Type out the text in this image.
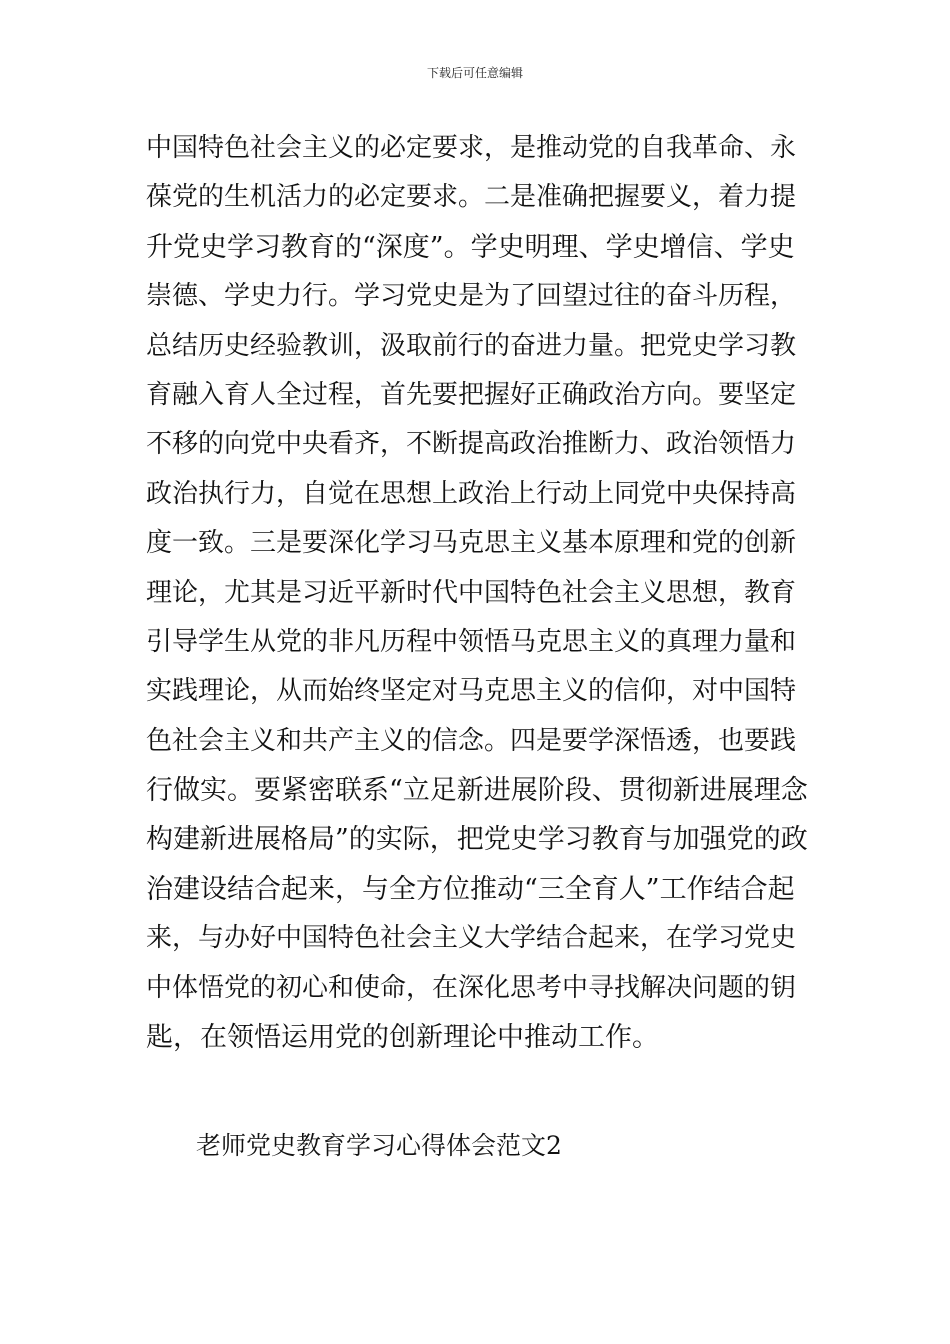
下载后可任意编辑
中国特色社会主义的必定要求，是推动党的自我革命、永
葆党的生机活力的必定要求。二是准确把握要义，着力提
升党史学习教育的“深度”。学史明理、学史增信、学史
崇德、学史力行。学习党史是为了回望过往的奋斗历程，
总结历史经验教训，汲取前行的奋进力量。把党史学习教
育融入育人全过程，首先要把握好正确政治方向。要坚定
不移的向党中央看齐，不断提高政治推断力、政治领悟力
政治执行力，自觉在思想上政治上行动上同党中央保持高
度一致。三是要深化学习马克思主义基本原理和党的创新
理论，尤其是习近平新时代中国特色社会主义思想，教育
引导学生从党的非凡历程中领悟马克思主义的真理力量和
实践理论，从而始终坚定对马克思主义的信仰，对中国特
色社会主义和共产主义的信念。四是要学深悟透，也要践
行做实。要紧密联系“立足新进展阶段、贯彻新进展理念
构建新进展格局”的实际，把党史学习教育与加强党的政
治建设结合起来，与全方位推动“三全育人”工作结合起
来，与办好中国特色社会主义大学结合起来，在学习党史
中体悟党的初心和使命，在深化思考中寻找解决问题的钥
匙，在领悟运用党的创新理论中推动工作。
老师党史教育学习心得体会范文2
